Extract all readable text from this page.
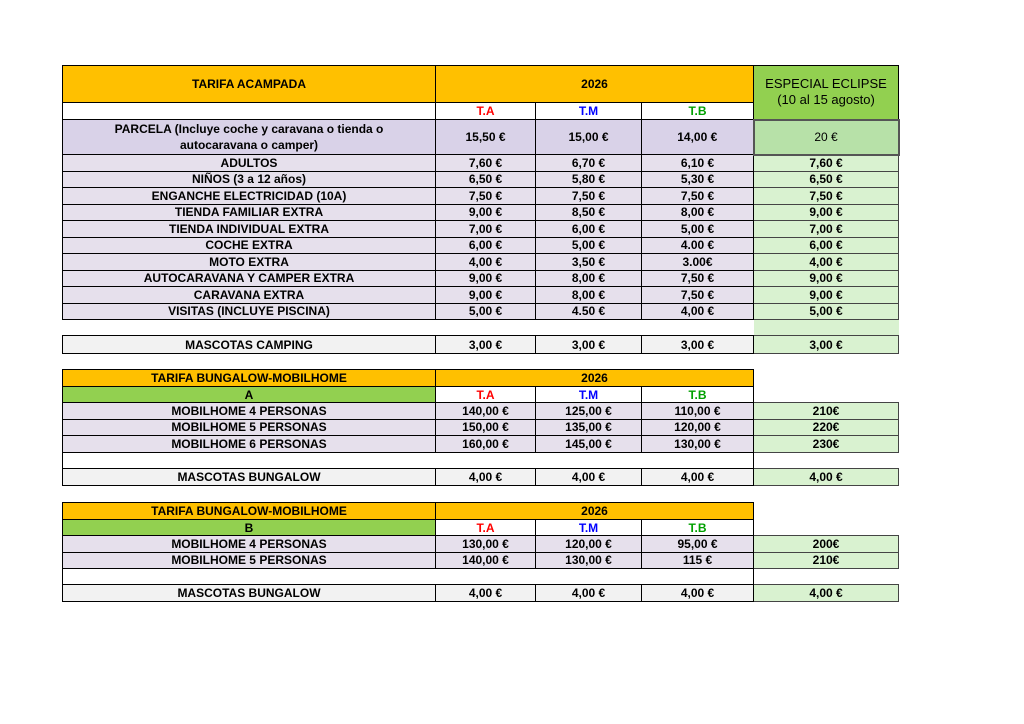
TARIFA ACAMPADA	2026			ESPECIAL ECLIPSE
(10 al 15 agosto)

	T.A	T.M	T.B	

PARCELA (Incluye coche y caravana o tienda o
autocaravana o camper)	15,50 €	15,00 €	14,00 €	20 €
ADULTOS	7,60 €	6,70 €	6,10 €	7,60 €
NIÑOS (3 a 12 años)	6,50 €	5,80 €	5,30 €	6,50 €
ENGANCHE ELECTRICIDAD (10A)	7,50 €	7,50 €	7,50 €	7,50 €
TIENDA FAMILIAR EXTRA	9,00 €	8,50 €	8,00 €	9,00 €
TIENDA INDIVIDUAL EXTRA	7,00 €	6,00 €	5,00 €	7,00 €
COCHE EXTRA	6,00 €	5,00 €	4.00 €	6,00 €
MOTO EXTRA	4,00 €	3,50 €	3.00€	4,00 €
AUTOCARAVANA Y CAMPER EXTRA	9,00 €	8,00 €	7,50 €	9,00 €
CARAVANA EXTRA	9,00 €	8,00 €	7,50 €	9,00 €
VISITAS (INCLUYE PISCINA)	5,00 €	4.50 €	4,00 €	5,00 €

MASCOTAS CAMPING	3,00 €	3,00 €	3,00 €	3,00 €
TARIFA BUNGALOW-MOBILHOME	2026			
A	T.A	T.M	T.B	
MOBILHOME 4 PERSONAS	140,00 €	125,00 €	110,00 €	210€
MOBILHOME 5 PERSONAS	150,00 €	135,00 €	120,00 €	220€
MOBILHOME 6 PERSONAS	160,00 €	145,00 €	130,00 €	230€

MASCOTAS BUNGALOW	4,00 €	4,00 €	4,00 €	4,00 €
TARIFA BUNGALOW-MOBILHOME	2026			
B	T.A	T.M	T.B	
MOBILHOME 4 PERSONAS	130,00 €	120,00 €	95,00 €	200€
MOBILHOME 5 PERSONAS	140,00 €	130,00 €	115 €	210€

MASCOTAS BUNGALOW	4,00 €	4,00 €	4,00 €	4,00 €
